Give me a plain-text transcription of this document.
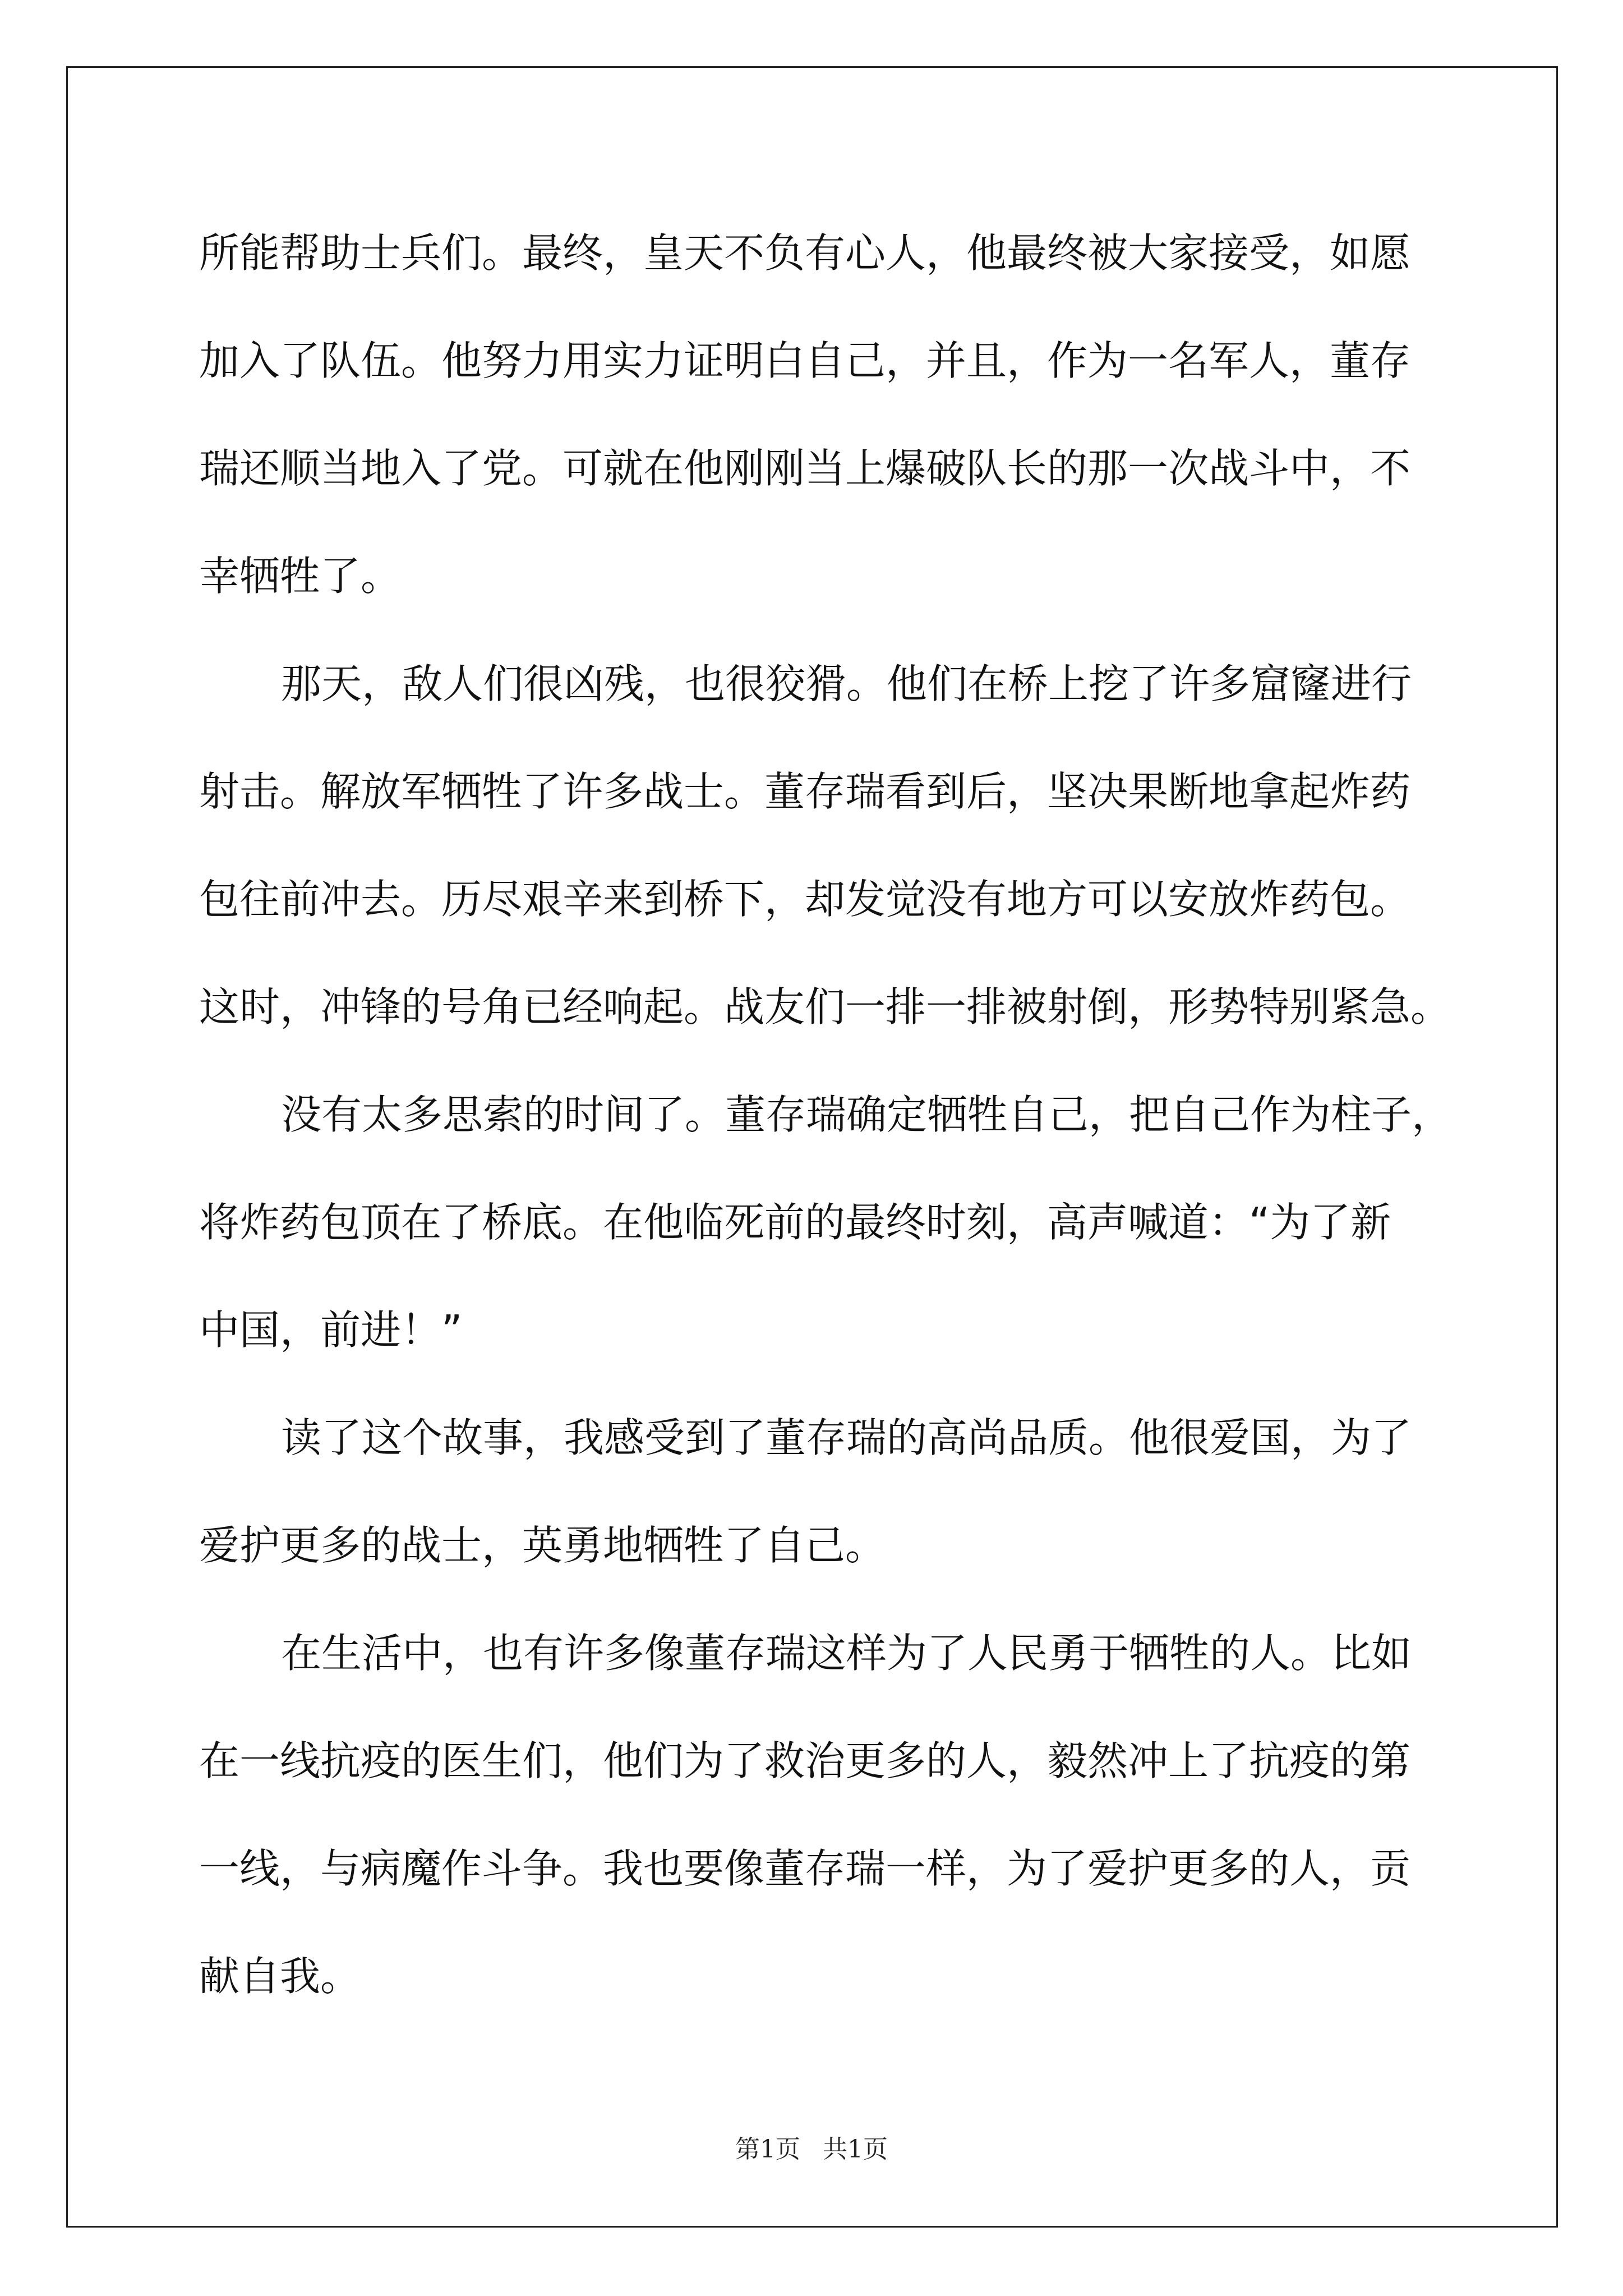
所能帮助士兵们。最终，皇天不负有心人，他最终被大家接受，如愿
加入了队伍。他努力用实力证明白自己，并且，作为一名军人，董存
瑞还顺当地入了党。可就在他刚刚当上爆破队长的那一次战斗中，不
幸牺牲了。
那天，敌人们很凶残，也很狡猾。他们在桥上挖了许多窟窿进行
射击。解放军牺牲了许多战士。董存瑞看到后，坚决果断地拿起炸药
包往前冲去。历尽艰辛来到桥下，却发觉没有地方可以安放炸药包。
这时，冲锋的号角已经响起。战友们一排一排被射倒，形势特别紧急。
没有太多思索的时间了。董存瑞确定牺牲自己，把自己作为柱子，
将炸药包顶在了桥底。在他临死前的最终时刻，高声喊道：“为了新
中国，前进！”
读了这个故事，我感受到了董存瑞的高尚品质。他很爱国，为了
爱护更多的战士，英勇地牺牲了自己。
在生活中，也有许多像董存瑞这样为了人民勇于牺牲的人。比如
在一线抗疫的医生们，他们为了救治更多的人，毅然冲上了抗疫的第
一线，与病魔作斗争。我也要像董存瑞一样，为了爱护更多的人，贡
献自我。
第1页 共1页
